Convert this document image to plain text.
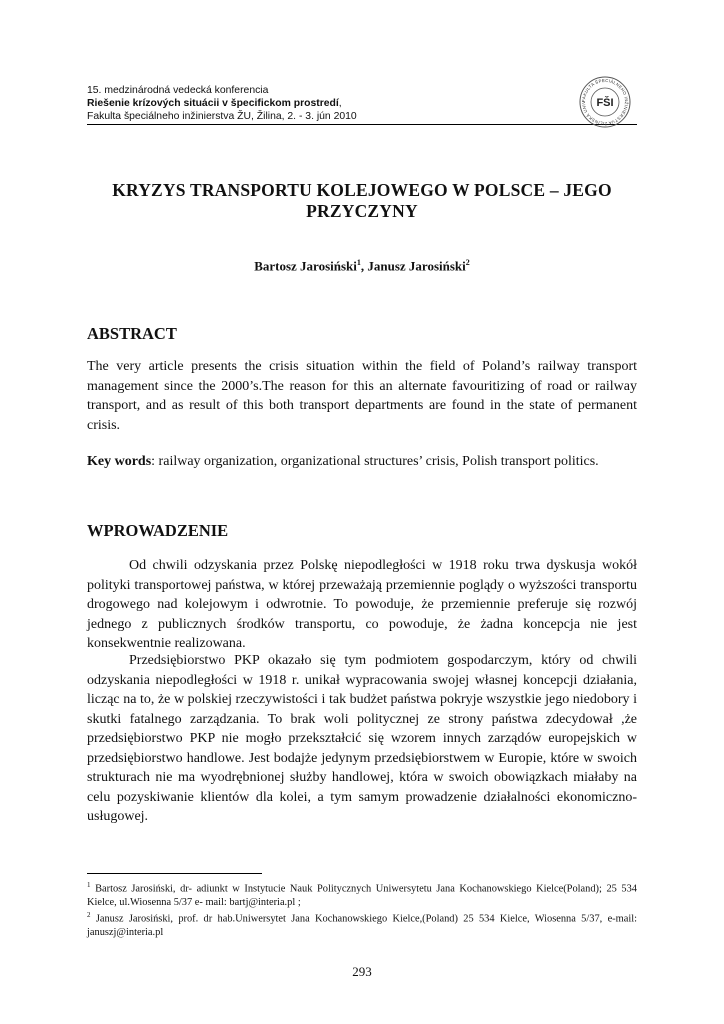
15. medzinárodná vedecká konferencia
Riešenie krízových situácii v špecifickom prostredí,
Fakulta špeciálneho inžinierstva ŽU, Žilina, 2. - 3. jún 2010
FAKULTA ŠPECIÁLNEHO INŽINIERSTVA ŽILINSKÁ UNIV FŠI
KRYZYS TRANSPORTU KOLEJOWEGO W POLSCE – JEGO PRZYCZYNY
Bartosz Jarosiński$^1$, Janusz Jarosiński$^2$
ABSTRACT
The very article presents the crisis situation within the field of Poland’s railway transport management since the 2000’s.The reason for this an alternate favouritizing of road or railway transport, and as result of this both transport departments are found in the state of permanent crisis.
Key words: railway organization, organizational structures’ crisis, Polish transport politics.
WPROWADZENIE
Od chwili odzyskania przez Polskę niepodległości w 1918 roku trwa dyskusja wokół polityki transportowej państwa, w której przeważają przemiennie poglądy o wyższości transportu drogowego nad kolejowym i odwrotnie. To powoduje, że przemiennie preferuje się rozwój jednego z publicznych środków transportu, co powoduje, że żadna koncepcja nie jest konsekwentnie realizowana.
Przedsiębiorstwo PKP okazało się tym podmiotem gospodarczym, który od chwili odzyskania niepodległości w 1918 r. unikał wypracowania swojej własnej koncepcji działania, licząc na to, że w polskiej rzeczywistości i tak budżet państwa pokryje wszystkie jego niedobory i skutki fatalnego zarządzania. To brak woli politycznej ze strony państwa zdecydował ,że przedsiębiorstwo PKP nie mogło przekształcić się wzorem innych zarządów europejskich w przedsiębiorstwo handlowe. Jest bodajże jedynym przedsiębiorstwem w Europie, które w swoich strukturach nie ma wyodrębnionej służby handlowej, która w swoich obowiązkach miałaby na celu pozyskiwanie klientów dla kolei, a tym samym prowadzenie działalności ekonomiczno- usługowej.

$^1$ Bartosz Jarosiński, dr- adiunkt w Instytucie Nauk Politycznych Uniwersytetu Jana Kochanowskiego Kielce(Poland); 25 534 Kielce, ul.Wiosenna 5/37 e- mail: bartj@interia.pl ;

$^2$ Janusz Jarosiński, prof. dr hab.Uniwersytet Jana Kochanowskiego Kielce,(Poland) 25 534 Kielce, Wiosenna 5/37, e-mail: januszj@interia.pl

293
